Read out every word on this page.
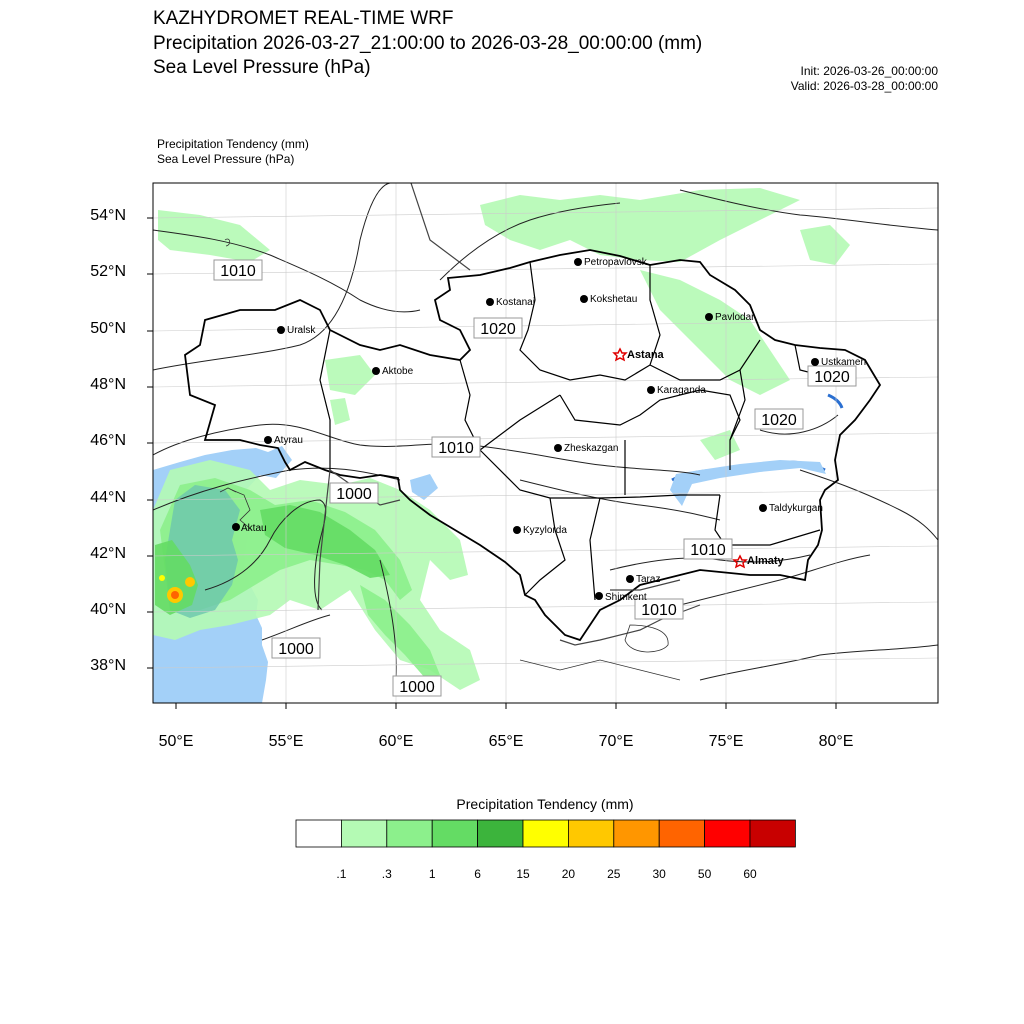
KAZHYDROMET REAL-TIME WRF
Precipitation 2026-03-27_21:00:00 to 2026-03-28_00:00:00 (mm)
Sea Level Pressure (hPa)	Init: 2026-03-26_00:00:00
Valid: 2026-03-28_00:00:00
Precipitation Tendency (mm)
Sea Level Pressure (hPa)
1010
1020
1010
1000
1020
1020
1010
1010
1000
1000
Petropavlovsk
Kostanai	Kokshetau
Pavlodar
Uralsk
Astana
Aktobe
Ustkamen
Karaganda
Atyrau
Zheskazgan
Aktau	Kyzylorda
Taldykurgan
Almaty
Taraz
Shimkent
54°N
52°N
50°N
48°N
46°N
44°N
42°N
40°N
38°N
50°E	55°E	60°E	65°E	70°E	75°E	80°E
Precipitation Tendency (mm)
.1	.3	1	6	15	20	25	30	50	60
